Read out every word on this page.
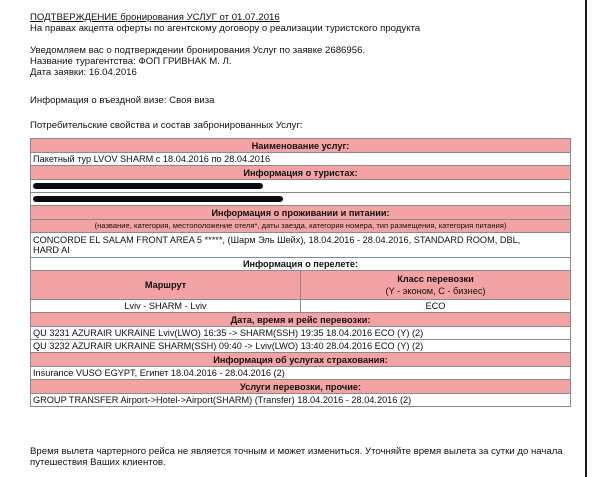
ПОДТВЕРЖДЕНИЕ бронирования УСЛУГ от 01.07.2016
На правах акцепта оферты по агентскому договору о реализации туристского продукта
Уведомляем вас о подтверждении бронирования Услуг по заявке 2686956.
Название турагентства: ФОП ГРИВНАК М. Л.
Дата заявки: 16.04.2016
Информация о въездной визе: Своя виза
Потребительские свойства и состав забронированных Услуг:
Наименование услуг:	
Пакетный тур LVOV SHARM с 18.04.2016 по 28.04.2016	
Информация о туристах:	

Информация о проживании и питании:	
(название, категория, местоположение отеля*, даты заезда, категория номера, тип размещения, категория питания)	

CONCORDE EL SALAM FRONT AREA 5 *****, (Шарм Эль Шейх), 18.04.2016 - 28.04.2016, STANDARD ROOM, DBL,
HARD AI	

Информация о перелете:	
Маршрут	Класс перевозки
(Y - эконом, С - бизнес)

Lviv - SHARM - Lviv	ECO
Дата, время и рейс перевозки:	
QU 3231 AZURAIR UKRAINE Lviv(LWO) 16:35 -> SHARM(SSH) 19:35 18.04.2016 ECO (Y) (2)	
QU 3232 AZURAIR UKRAINE SHARM(SSH) 09:40 -> Lviv(LWO) 13:40 28.04.2016 ECO (Y) (2)	
Информация об услугах страхования:	
Insurance VUSO EGYPT, Египет 18.04.2016 - 28.04.2016 (2)	
Услуги перевозки, прочие:	
GROUP TRANSFER Airport->Hotel->Airport(SHARM) (Transfer) 18.04.2016 - 28.04.2016 (2)	
Время вылета чартерного рейса не является точным и может измениться. Уточняйте время вылета за сутки до начала
путешествия Ваших клиентов.
